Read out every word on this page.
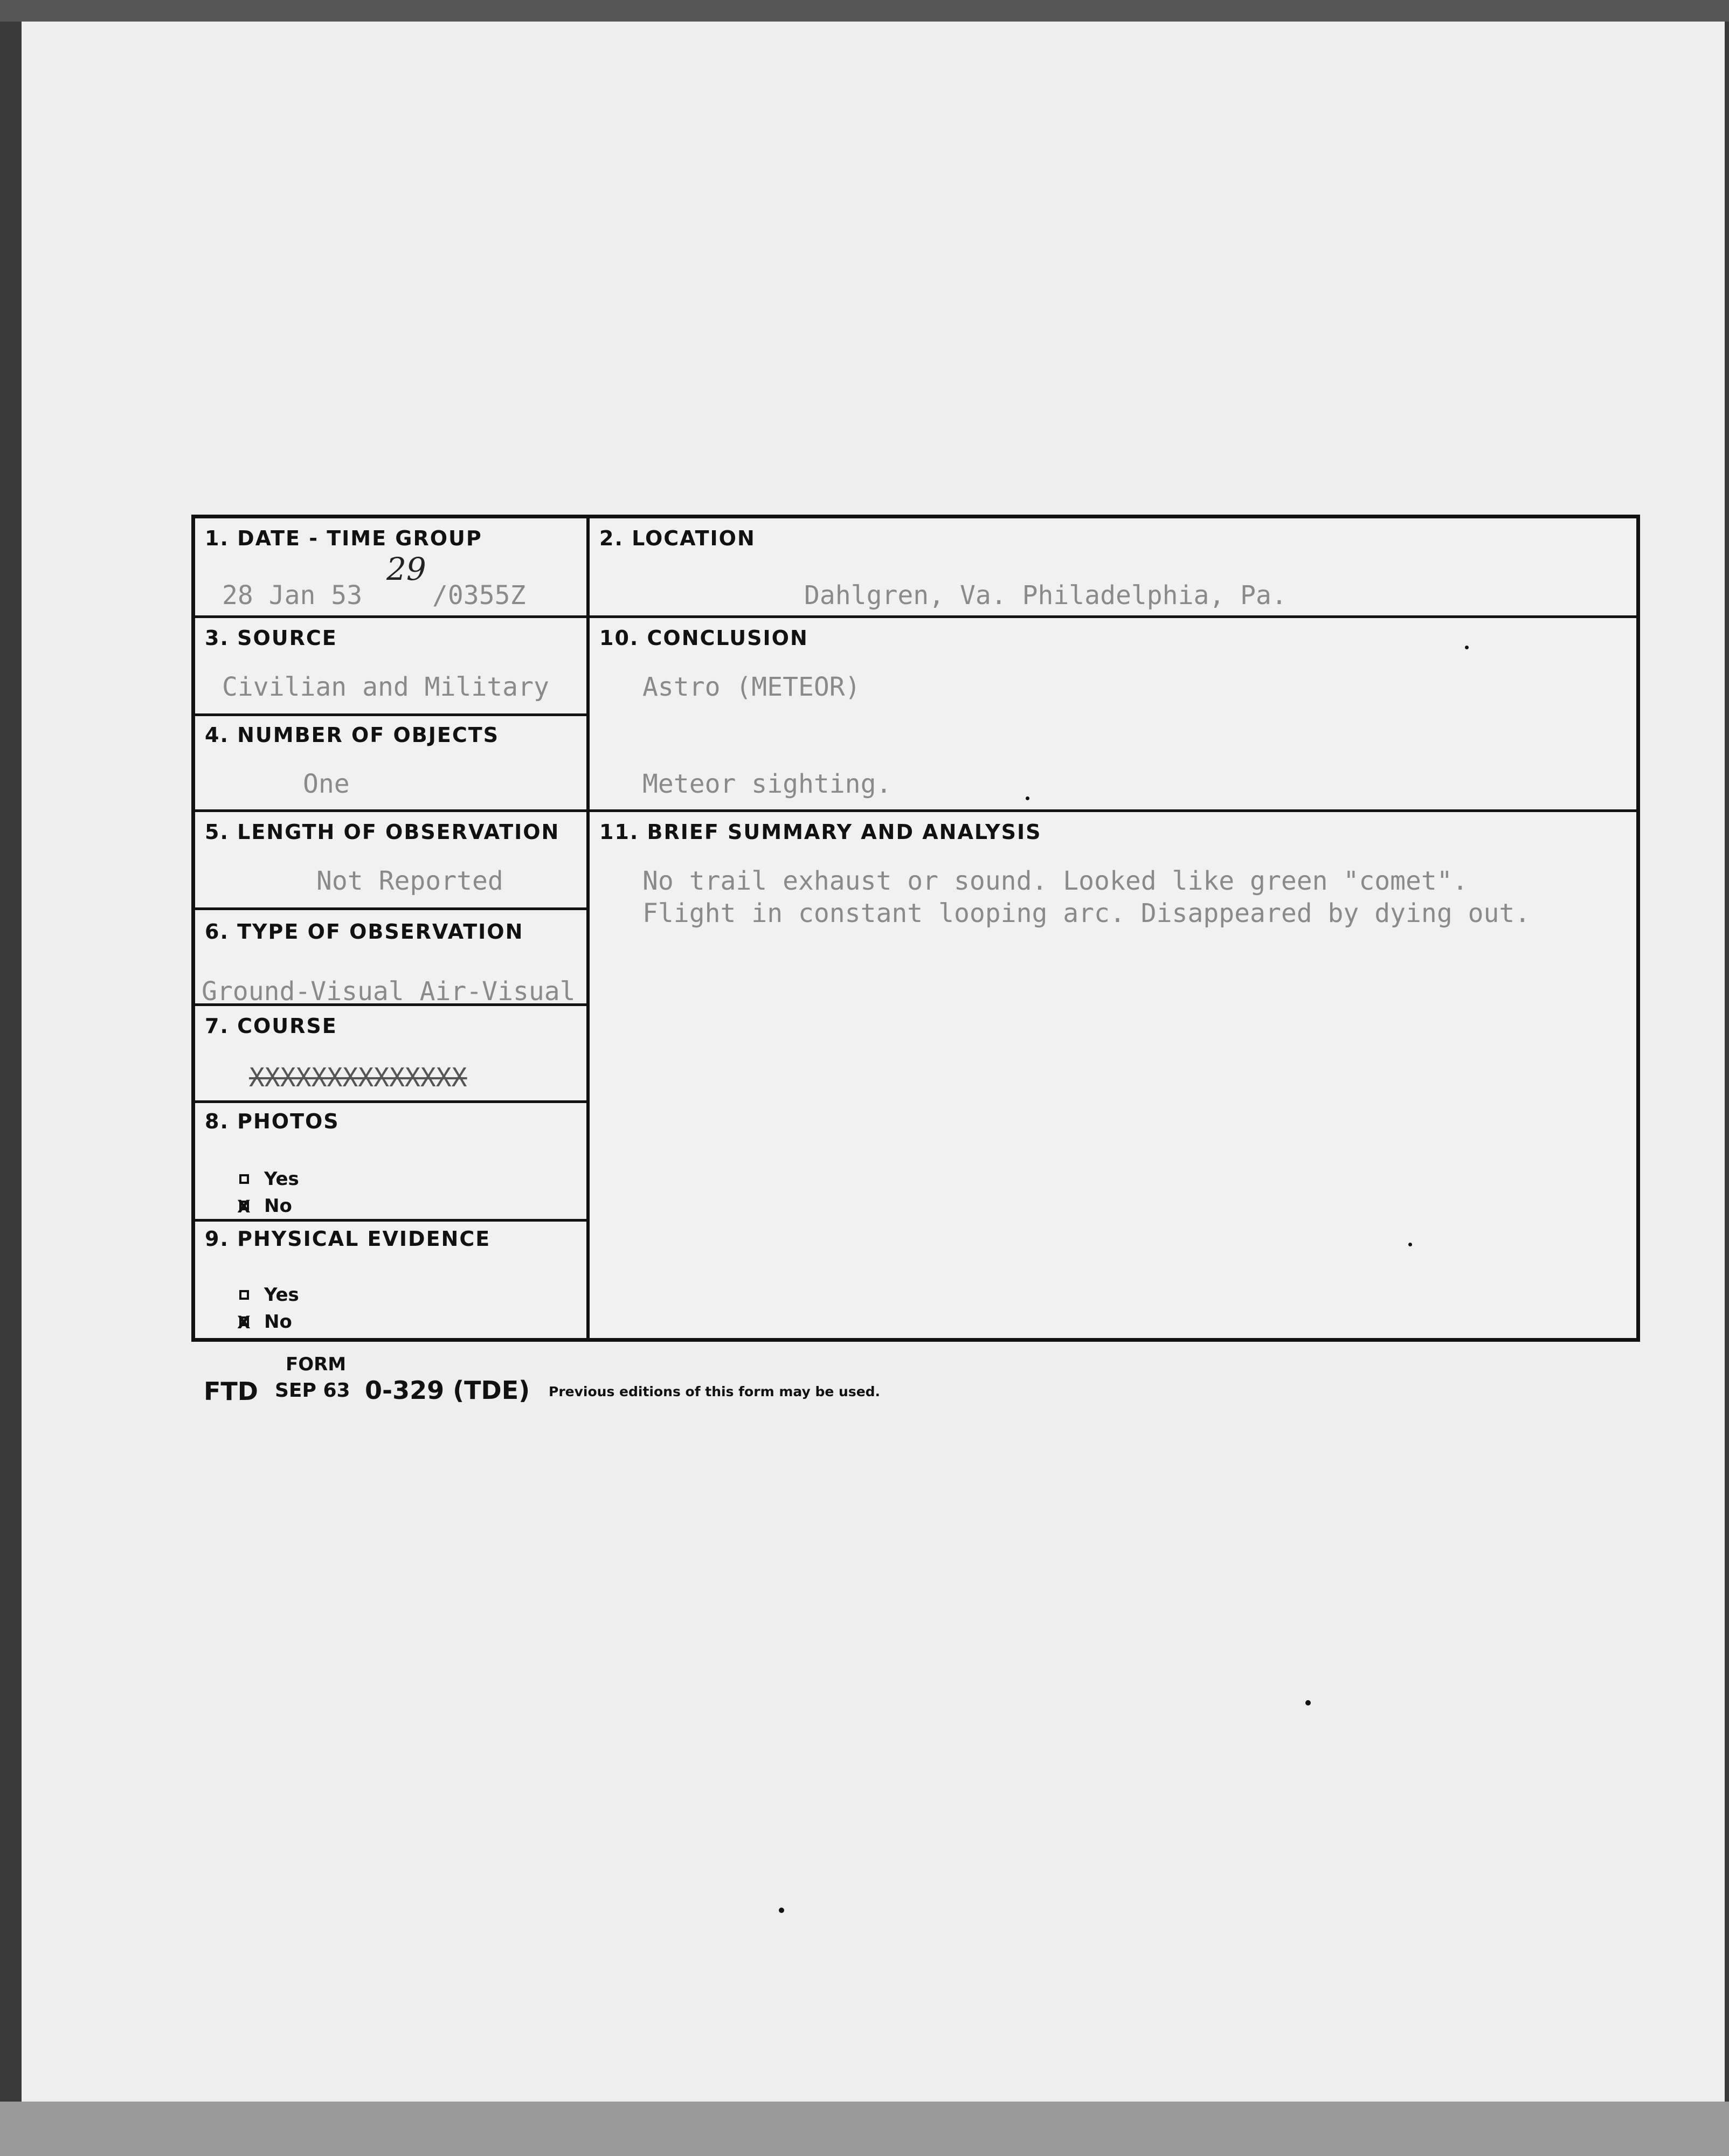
1. DATE - TIME GROUP
29
28 Jan 53	/0355Z
2. LOCATION
Dahlgren, Va. Philadelphia, Pa.
3. SOURCE
Civilian and Military
10. CONCLUSION
Astro (METEOR)
Meteor sighting.
4. NUMBER OF OBJECTS
One
5. LENGTH OF OBSERVATION
Not Reported
11. BRIEF SUMMARY AND ANALYSIS
No trail exhaust or sound. Looked like green "comet".
Flight in constant looping arc. Disappeared by dying out.
6. TYPE OF OBSERVATION
Ground-Visual Air-Visual
7. COURSE
XXXXXXXXXXXXXX
8. PHOTOS
Yes
X No
9. PHYSICAL EVIDENCE
Yes
X No
FORM
FTD SEP 63 0-329 (TDE) Previous editions of this form may be used.
